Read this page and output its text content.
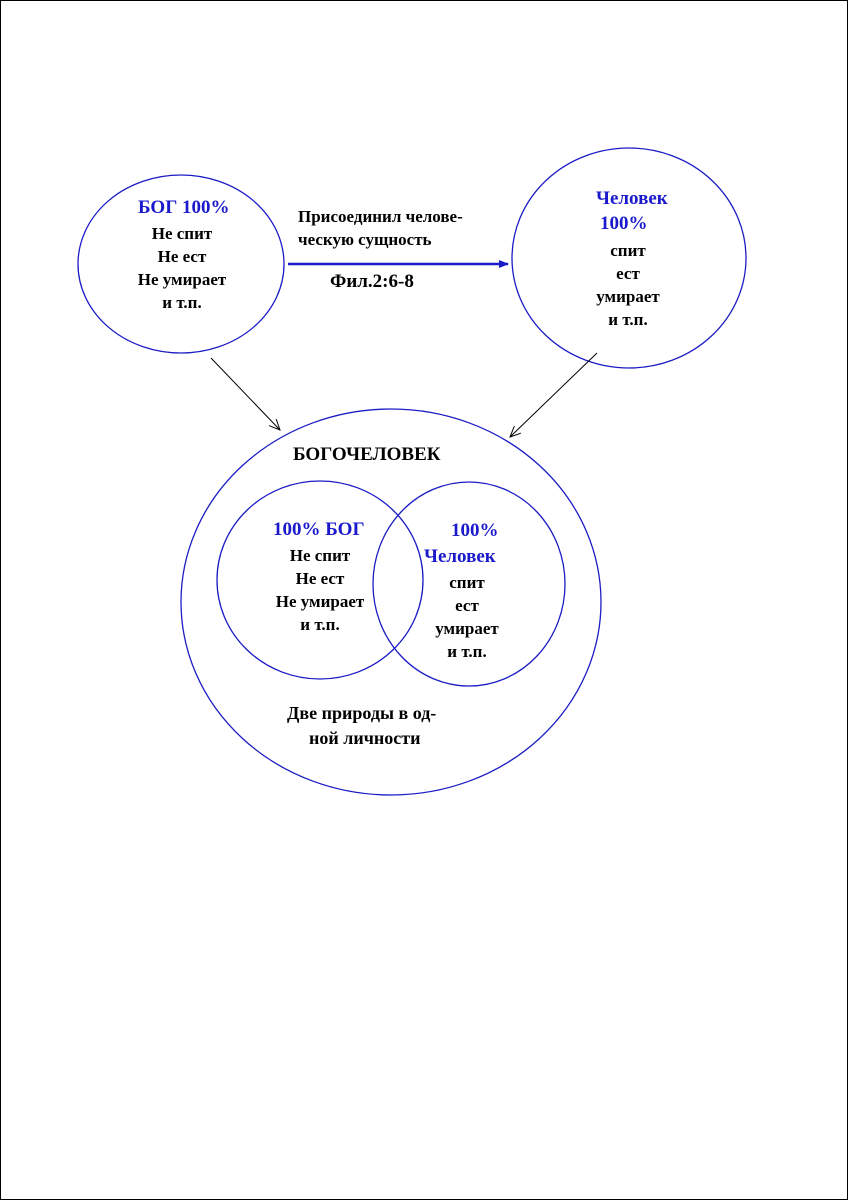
БОГ 100%
Не спит
Не ест
Не умирает
и т.п.
Присоединил челове-
ческую сущность
Фил.2:6-8
Человек
100%
спит
ест
умирает
и т.п.
БОГОЧЕЛОВЕК
100% БОГ
Не спит
Не ест
Не умирает
и т.п.
100%
Человек
спит
ест
умирает
и т.п.
Две природы в од-
ной личности
